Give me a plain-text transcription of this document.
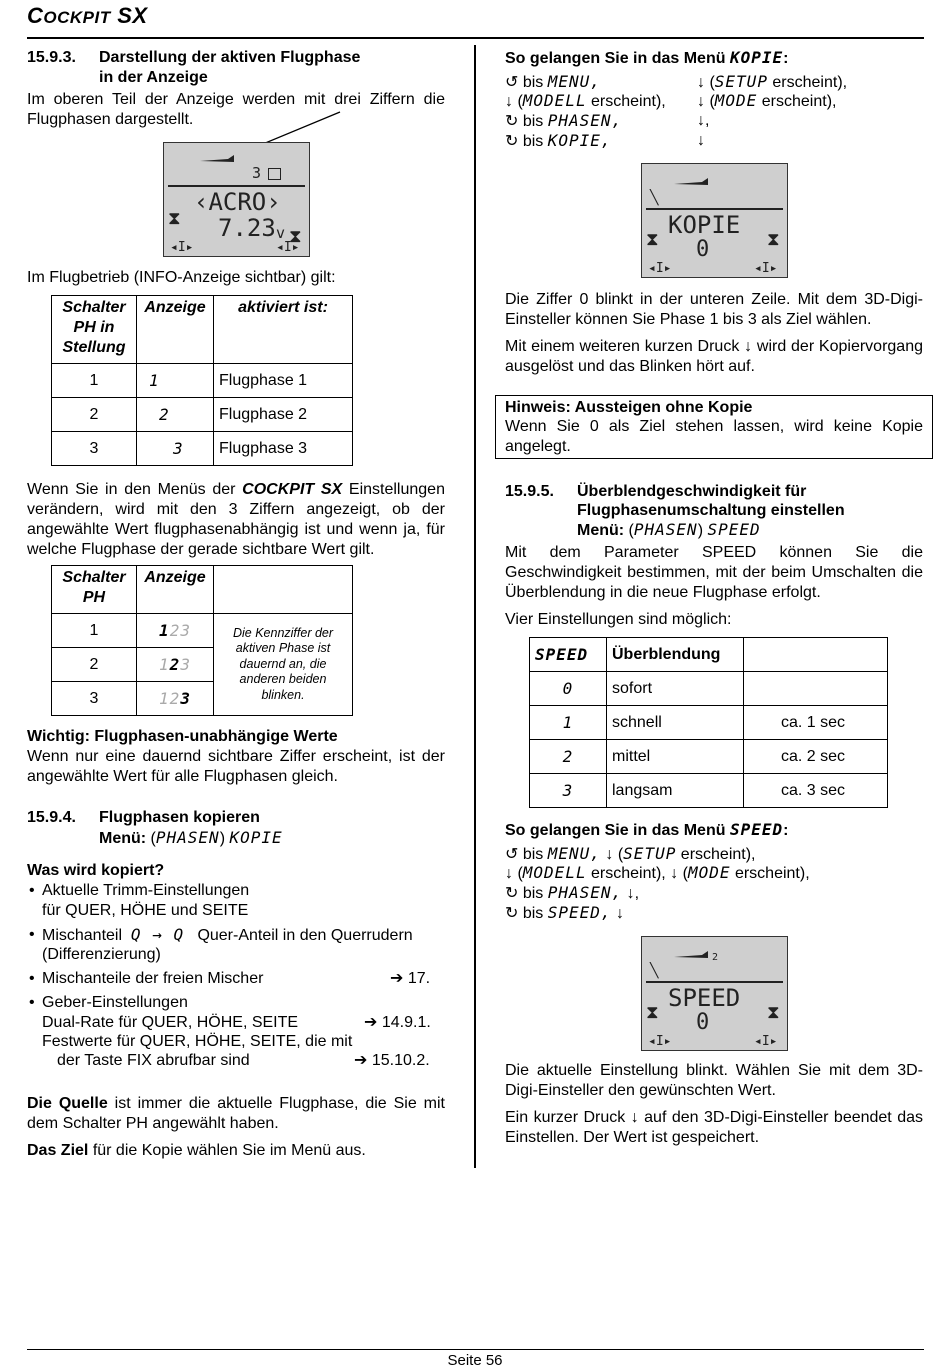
COCKPIT SX
15.9.3. Darstellung der aktiven Flugphase
in der Anzeige
Im oberen Teil der Anzeige werden mit drei Ziffern die Flugphasen dargestellt.
3
‹ACRO›
7.23 v
⧗
⧗
◂I▸	◂I▸
Im Flugbetrieb (INFO-Anzeige sichtbar) gilt:
Schalter PH in Stellung	Anzeige	aktiviert ist:
1	1	Flugphase 1
2	2	Flugphase 2
3	3	Flugphase 3
Wenn Sie in den Menüs der COCKPIT SX Einstellungen verändern, wird mit den 3 Ziffern angezeigt, ob der angewählte Wert flugphasenabhängig ist und wenn ja, für welche Flugphase der gerade sichtbare Wert gilt.
Schalter PH	Anzeige	
1	123	Die Kennziffer der aktiven Phase ist dauernd an, die anderen beiden blinken.
2	123	
3	123	
Wichtig: Flugphasen-unabhängige Werte
Wenn nur eine dauernd sichtbare Ziffer erscheint, ist der angewählte Wert für alle Flugphasen gleich.
15.9.4. Flugphasen kopieren
Menü: (PHASEN) KOPIE
Was wird kopiert?
• Aktuelle Trimm-Einstellungen
für QUER, HÖHE und SEITE
• Mischanteil Q → Q Quer-Anteil in den Querrudern
(Differenzierung)
• Mischanteile der freien Mischer	➔ 17.
• Geber-Einstellungen
Dual-Rate für QUER, HÖHE, SEITE	➔ 14.9.1.
Festwerte für QUER, HÖHE, SEITE, die mit
der Taste FIX abrufbar sind	➔ 15.10.2.
Die Quelle ist immer die aktuelle Flugphase, die Sie mit dem Schalter PH angewählt haben.
Das Ziel für die Kopie wählen Sie im Menü aus.
So gelangen Sie in das Menü KOPIE:
↺ bis MENU,	↓ (SETUP erscheint),
↓ (MODELL erscheint), ↓ (MODE erscheint),
↻ bis PHASEN,	↓,
↻ bis KOPIE,	↓
╲
KOPIE
0
⧗	⧗
◂I▸	◂I▸
Die Ziffer 0 blinkt in der unteren Zeile. Mit dem 3D-Digi-Einsteller können Sie Phase 1 bis 3 als Ziel wählen.
Mit einem weiteren kurzen Druck ↓ wird der Kopiervorgang ausgelöst und das Blinken hört auf.
Hinweis: Aussteigen ohne Kopie
Wenn Sie 0 als Ziel stehen lassen, wird keine Kopie angelegt.
15.9.5. Überblendgeschwindigkeit für
Flugphasenumschaltung einstellen
Menü: (PHASEN) SPEED
Mit dem Parameter SPEED können Sie die Geschwindigkeit bestimmen, mit der beim Umschalten die Überblendung in die neue Flugphase erfolgt.
Vier Einstellungen sind möglich:
SPEED	Überblendung	
0	sofort	
1	schnell	ca. 1 sec
2	mittel	ca. 2 sec
3	langsam	ca. 3 sec
So gelangen Sie in das Menü SPEED:
↺ bis MENU, ↓ (SETUP erscheint),
↓ (MODELL erscheint), ↓ (MODE erscheint),
↻ bis PHASEN, ↓,
↻ bis SPEED, ↓
2
╲
SPEED
0
⧗	⧗
◂I▸	◂I▸
Die aktuelle Einstellung blinkt. Wählen Sie mit dem 3D-Digi-Einsteller den gewünschten Wert.
Ein kurzer Druck ↓ auf den 3D-Digi-Einsteller beendet das Einstellen. Der Wert ist gespeichert.
Seite 56
